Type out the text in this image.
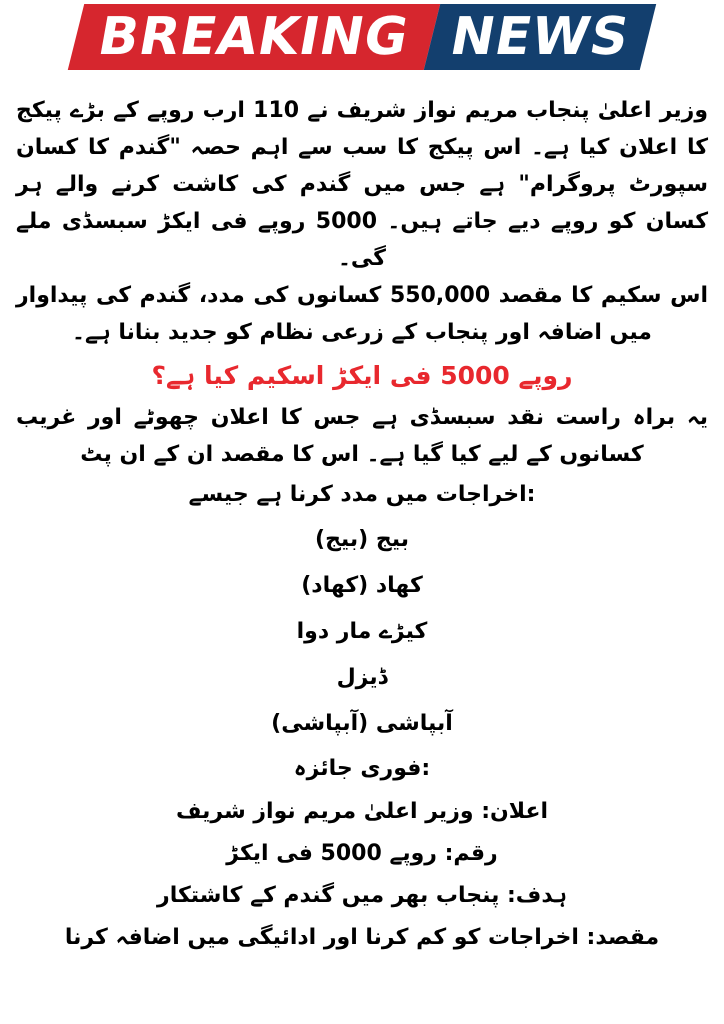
BREAKING NEWS

وزیر اعلیٰ پنجاب مریم نواز شریف نے 110 ارب روپے کے بڑے پیکج کا اعلان کیا ہے۔ اس پیکج کا سب سے اہم حصہ "گندم کا کسان سپورٹ پروگرام" ہے جس میں گندم کی کاشت کرنے والے ہر کسان کو روپے دیے جاتے ہیں۔ 5000 روپے فی ایکڑ سبسڈی ملے گی۔

اس سکیم کا مقصد 550,000 کسانوں کی مدد، گندم کی پیداوار میں اضافہ اور پنجاب کے زرعی نظام کو جدید بنانا ہے۔

روپے 5000 فی ایکڑ اسکیم کیا ہے؟

یہ براہ راست نقد سبسڈی ہے جس کا اعلان چھوٹے اور غریب کسانوں کے لیے کیا گیا ہے۔ اس کا مقصد ان کے ان پٹ

:اخراجات میں مدد کرنا ہے جیسے

بیج (بیج)
کھاد (کھاد)
کیڑے مار دوا
ڈیزل
آبپاشی (آبپاشی)

:فوری جائزہ

اعلان: وزیر اعلیٰ مریم نواز شریف

رقم: روپے 5000 فی ایکڑ

ہدف: پنجاب بھر میں گندم کے کاشتکار

مقصد: اخراجات کو کم کرنا اور ادائیگی میں اضافہ کرنا
